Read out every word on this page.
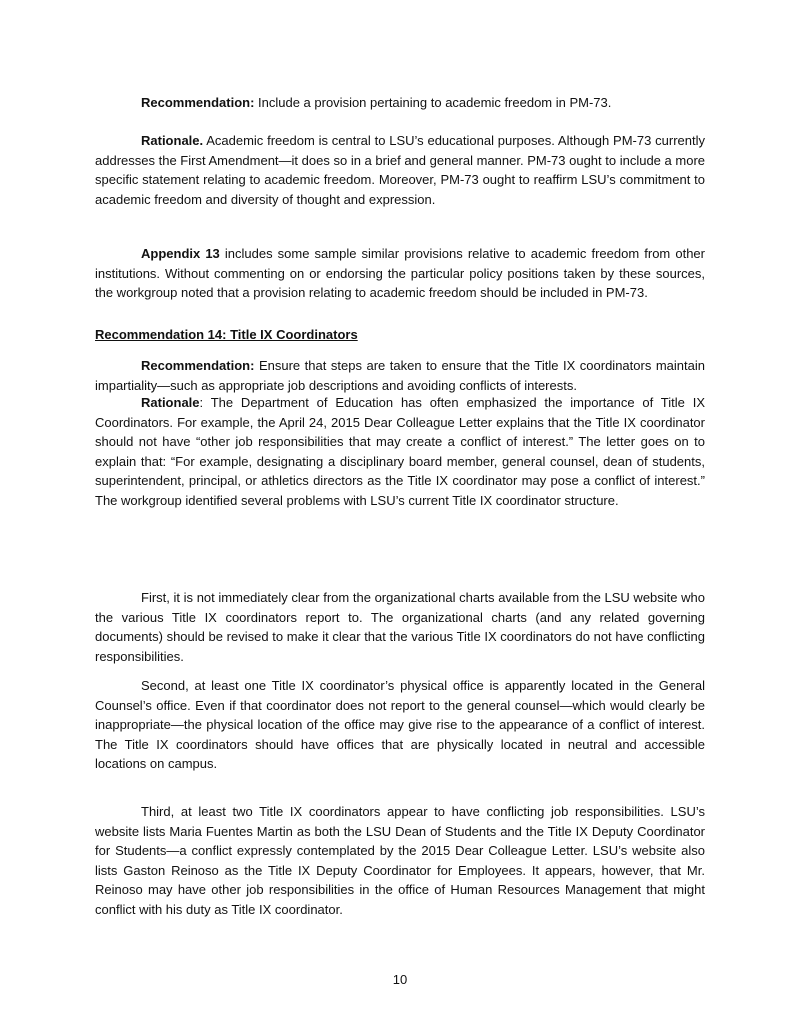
Recommendation: Include a provision pertaining to academic freedom in PM-73.

Rationale. Academic freedom is central to LSU’s educational purposes. Although PM-73 currently addresses the First Amendment—it does so in a brief and general manner. PM-73 ought to include a more specific statement relating to academic freedom. Moreover, PM-73 ought to reaffirm LSU’s commitment to academic freedom and diversity of thought and expression.

Appendix 13 includes some sample similar provisions relative to academic freedom from other institutions. Without commenting on or endorsing the particular policy positions taken by these sources, the workgroup noted that a provision relating to academic freedom should be included in PM-73.

Recommendation 14: Title IX Coordinators

Recommendation: Ensure that steps are taken to ensure that the Title IX coordinators maintain impartiality—such as appropriate job descriptions and avoiding conflicts of interests.

Rationale: The Department of Education has often emphasized the importance of Title IX Coordinators. For example, the April 24, 2015 Dear Colleague Letter explains that the Title IX coordinator should not have “other job responsibilities that may create a conflict of interest.” The letter goes on to explain that: “For example, designating a disciplinary board member, general counsel, dean of students, superintendent, principal, or athletics directors as the Title IX coordinator may pose a conflict of interest.” The workgroup identified several problems with LSU’s current Title IX coordinator structure.

First, it is not immediately clear from the organizational charts available from the LSU website who the various Title IX coordinators report to. The organizational charts (and any related governing documents) should be revised to make it clear that the various Title IX coordinators do not have conflicting responsibilities.

Second, at least one Title IX coordinator’s physical office is apparently located in the General Counsel’s office. Even if that coordinator does not report to the general counsel—which would clearly be inappropriate—the physical location of the office may give rise to the appearance of a conflict of interest. The Title IX coordinators should have offices that are physically located in neutral and accessible locations on campus.

Third, at least two Title IX coordinators appear to have conflicting job responsibilities. LSU’s website lists Maria Fuentes Martin as both the LSU Dean of Students and the Title IX Deputy Coordinator for Students—a conflict expressly contemplated by the 2015 Dear Colleague Letter. LSU’s website also lists Gaston Reinoso as the Title IX Deputy Coordinator for Employees. It appears, however, that Mr. Reinoso may have other job responsibilities in the office of Human Resources Management that might conflict with his duty as Title IX coordinator.

10
